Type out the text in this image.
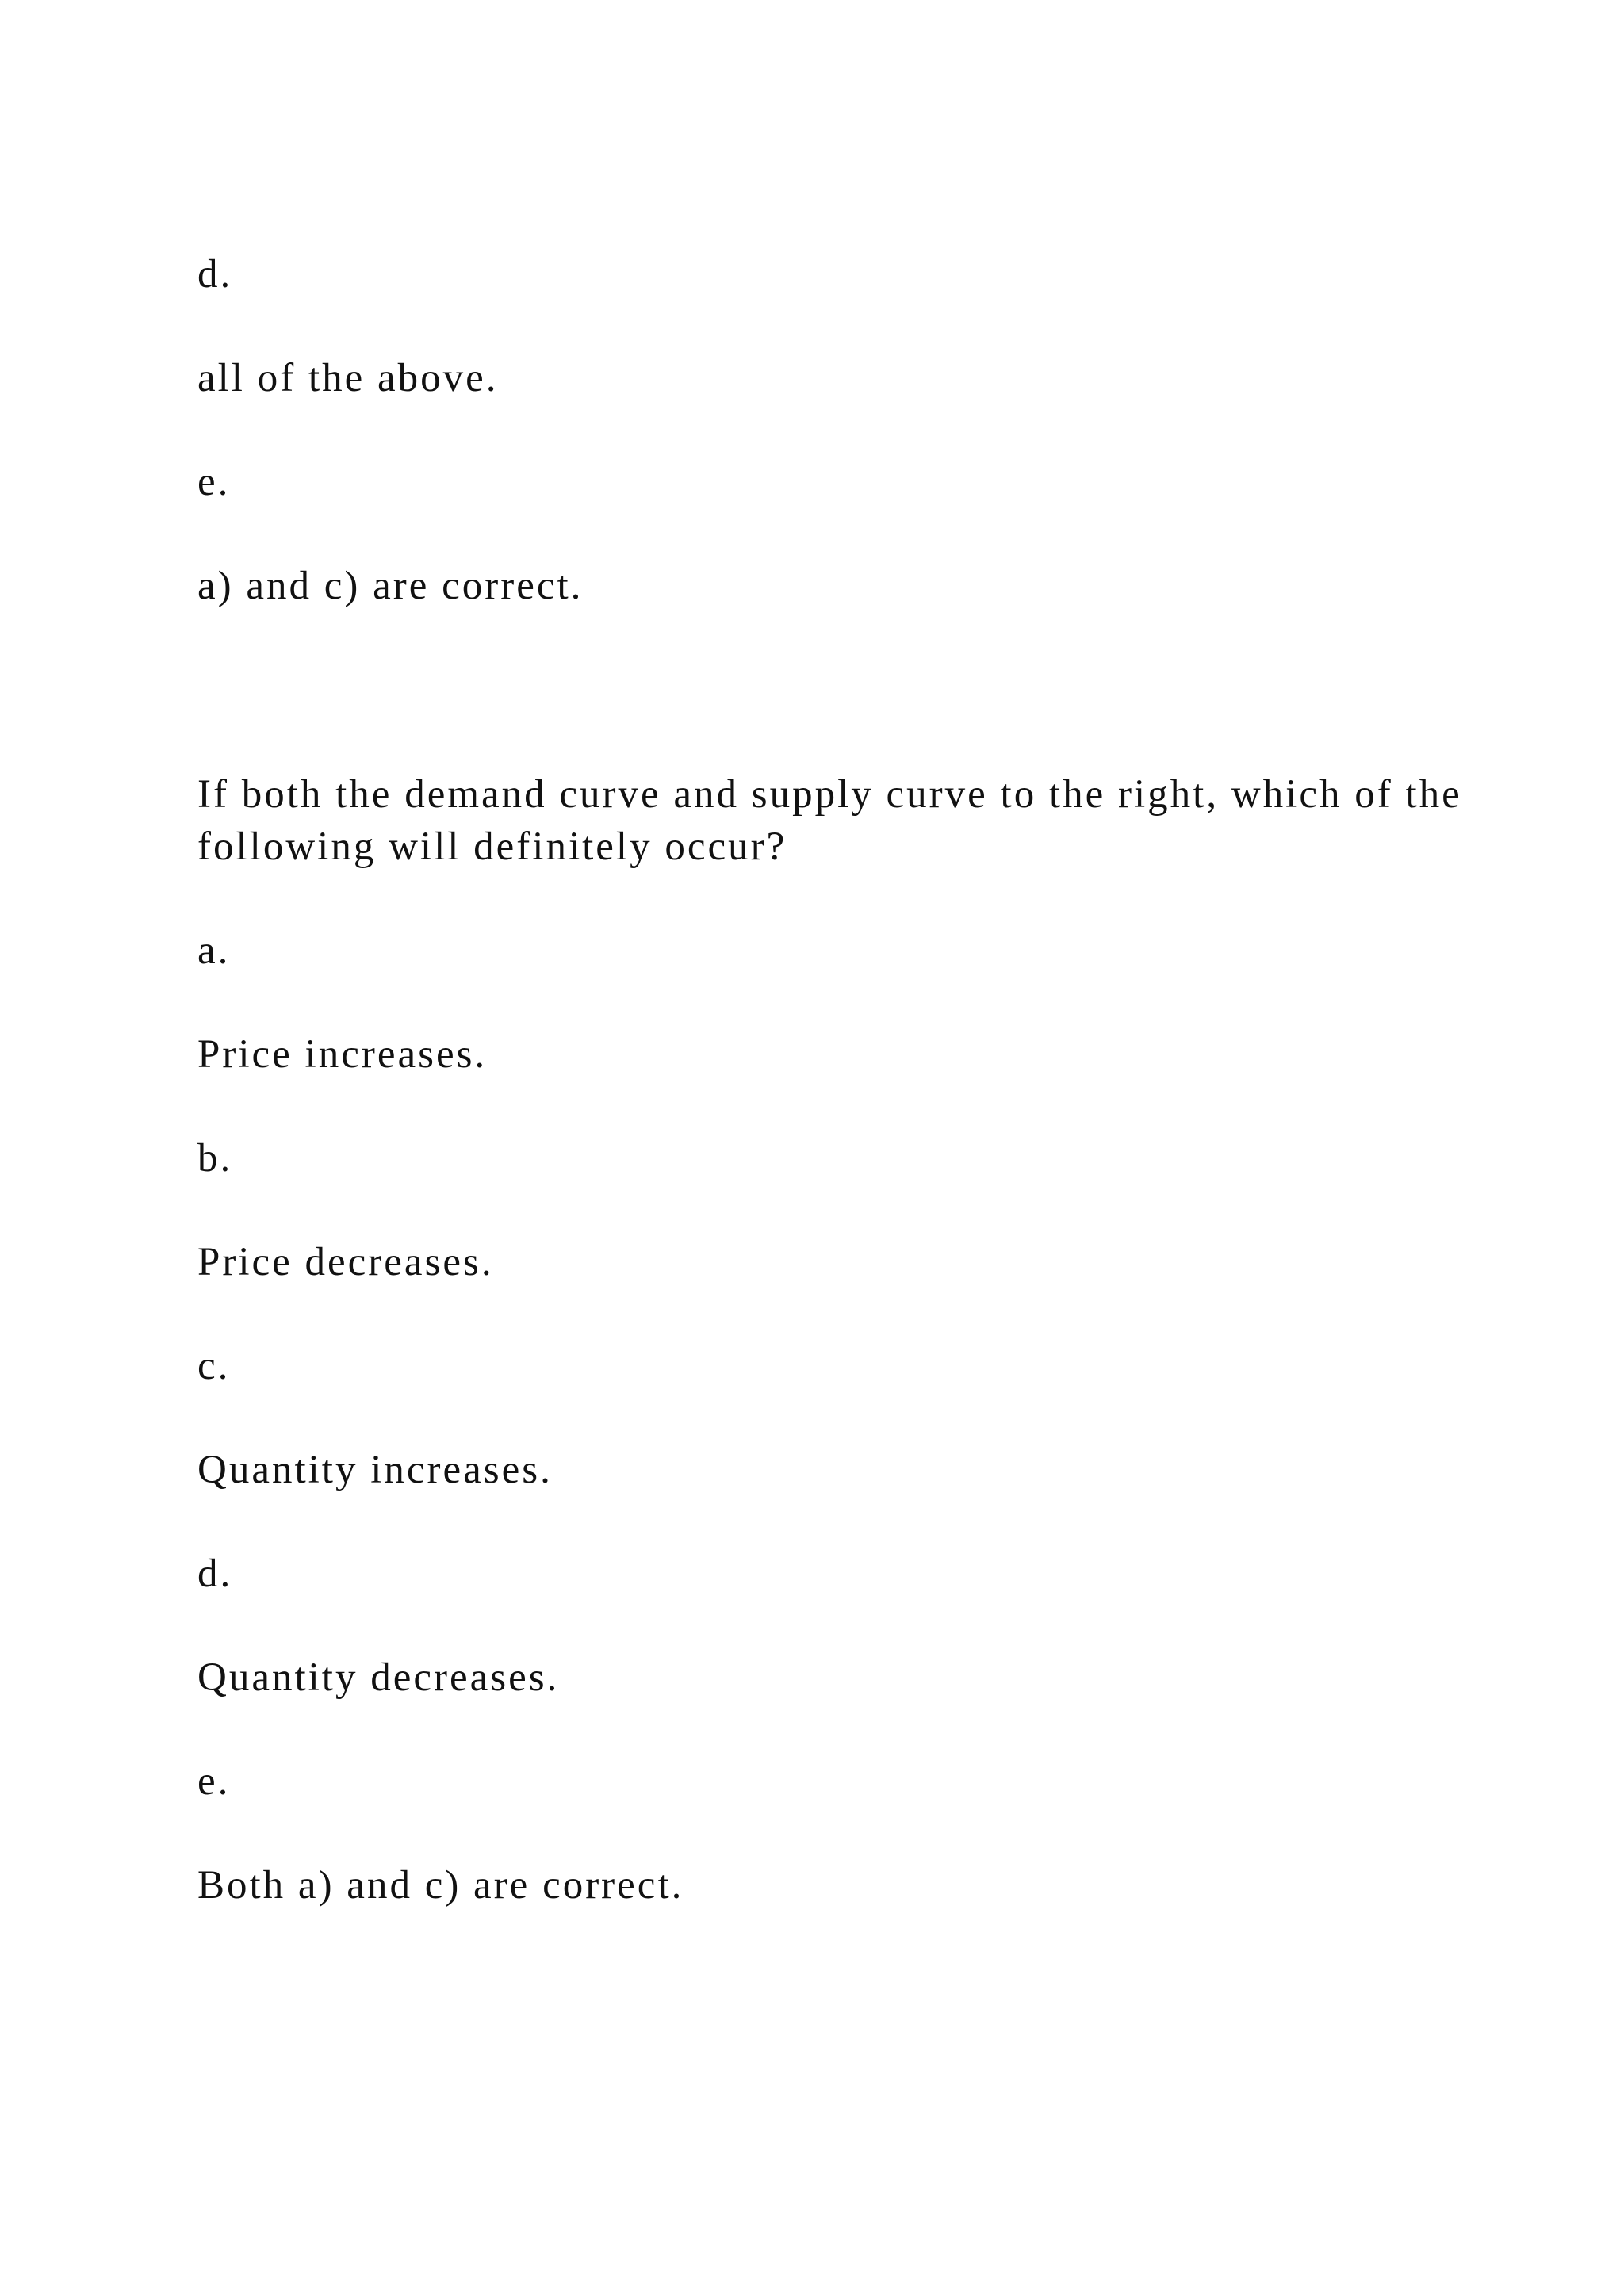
d.

all of the above.

e.

a) and c) are correct.

If both the demand curve and supply curve to the right, which of the following will definitely occur?

a.

Price increases.

b.

Price decreases.

c.

Quantity increases.

d.

Quantity decreases.

e.

Both a) and c) are correct.
